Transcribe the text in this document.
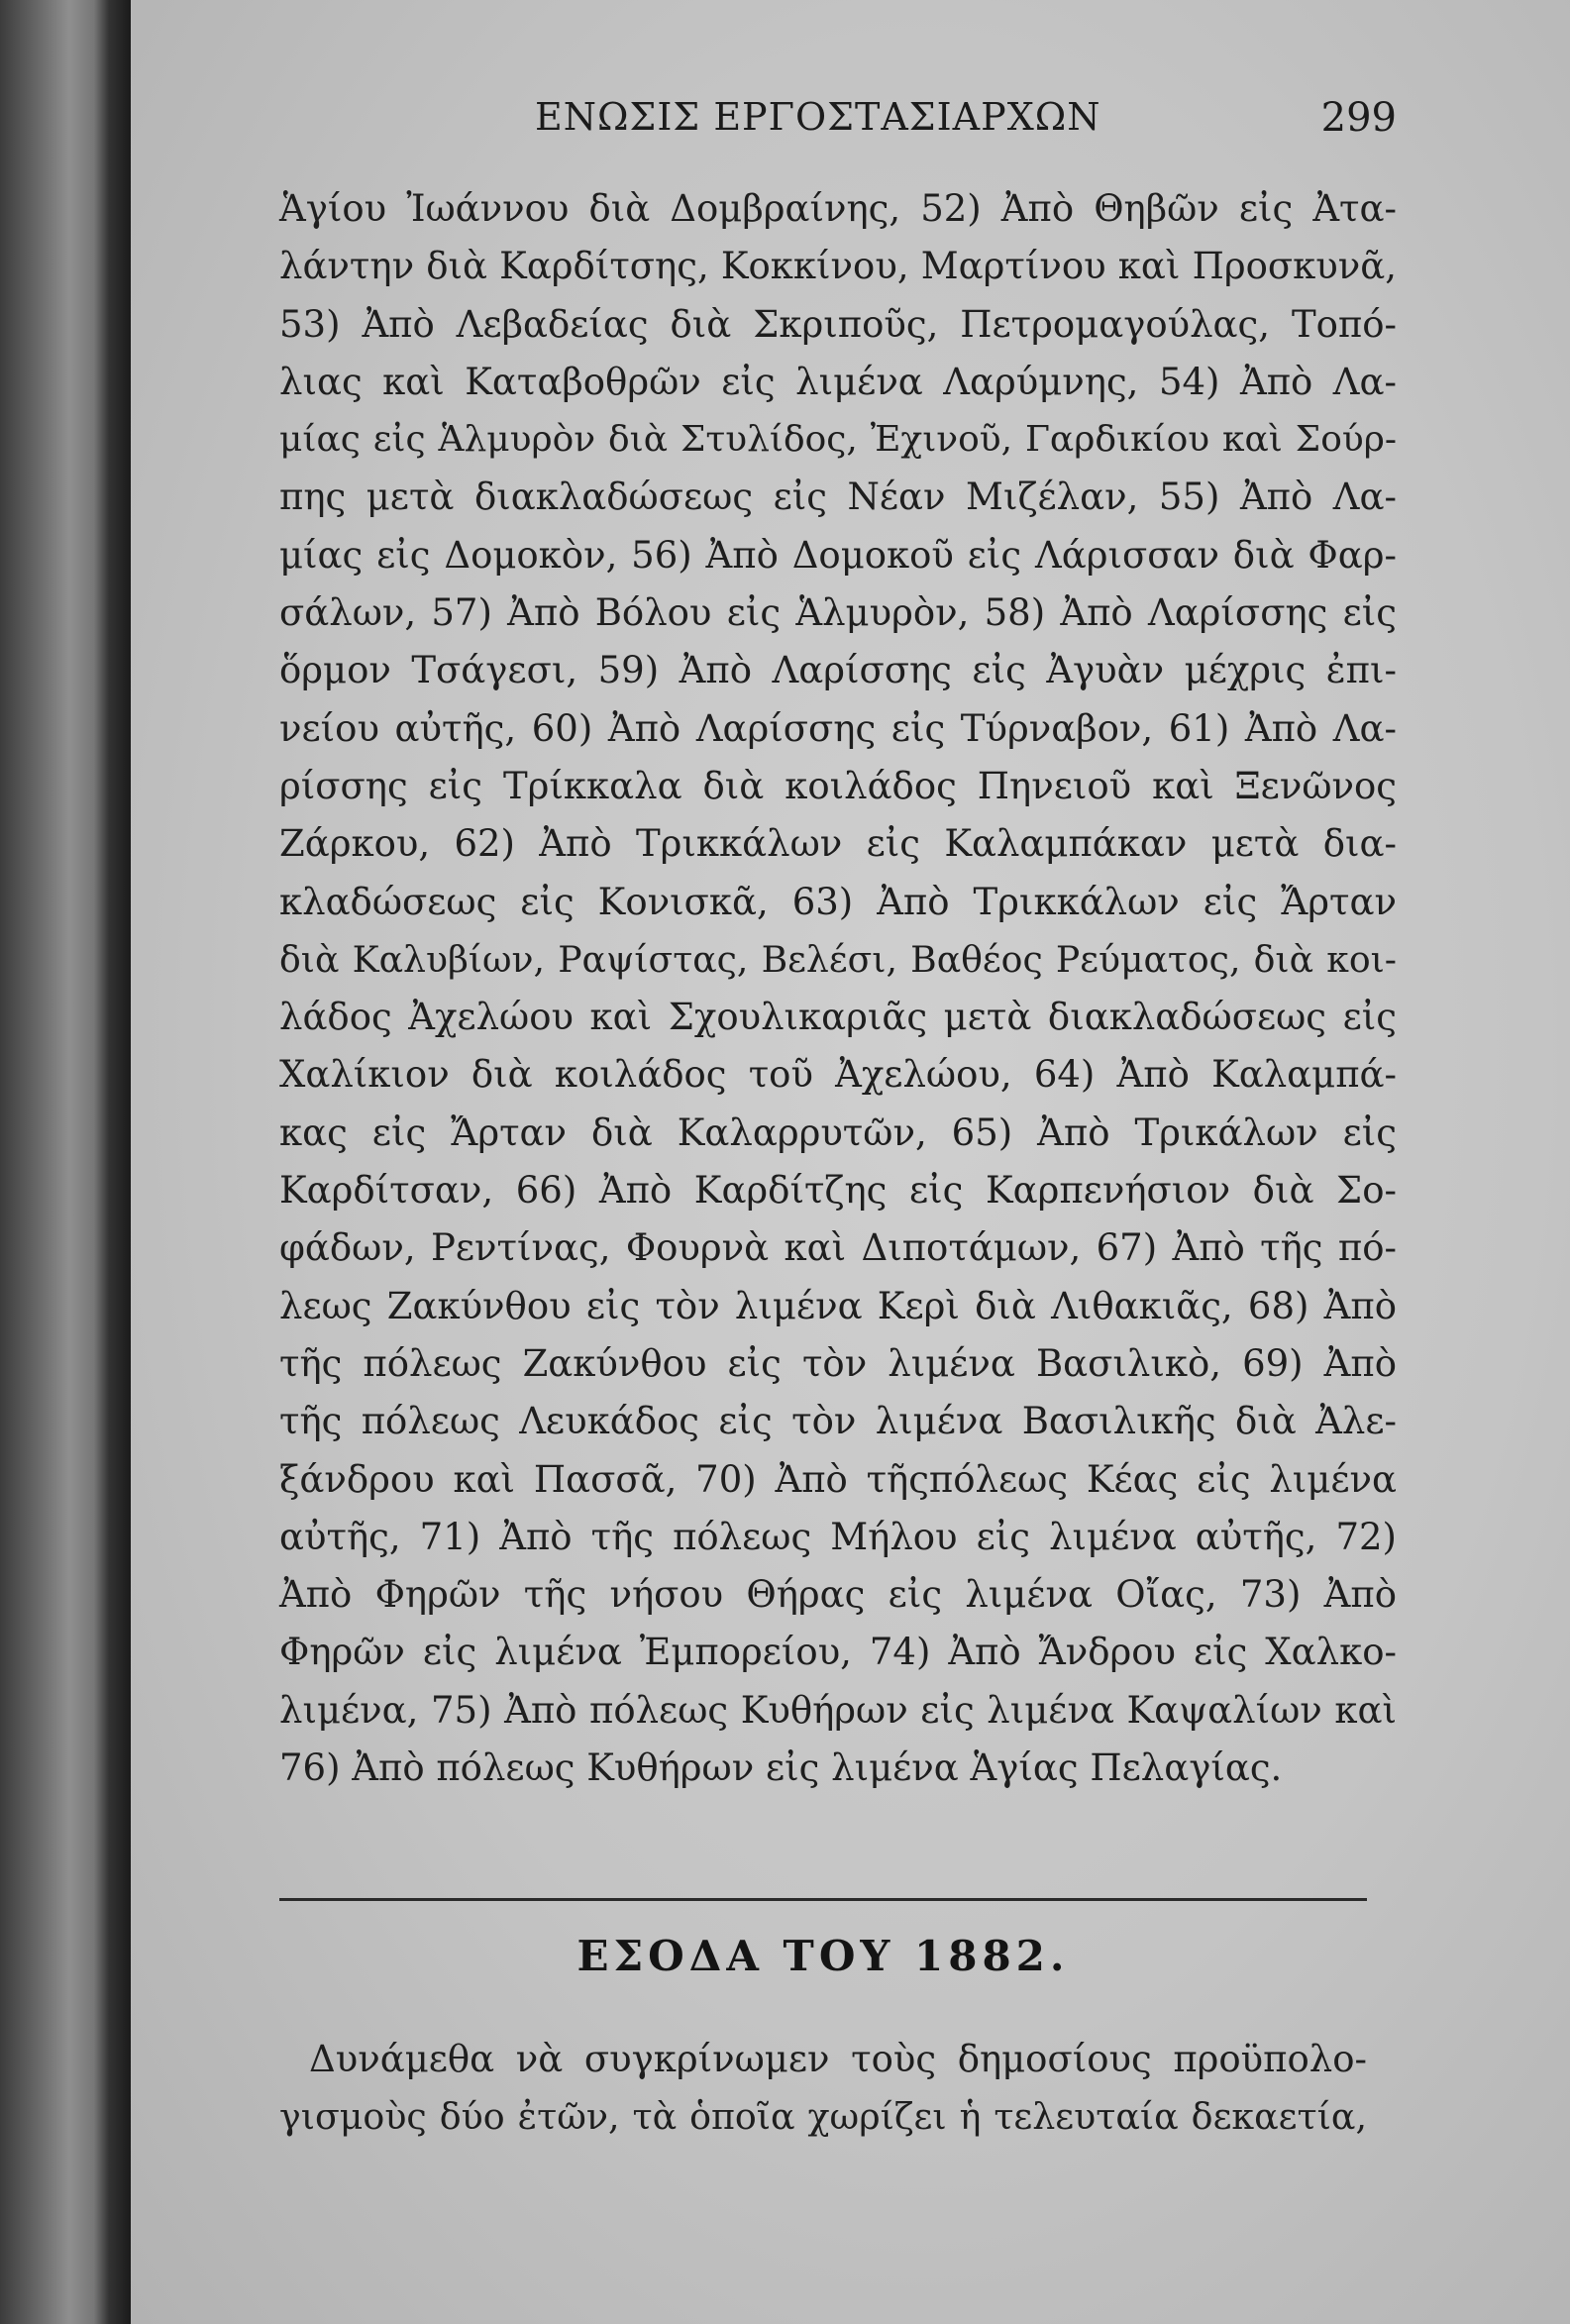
ΕΝΩΣΙΣ ΕΡΓΟΣΤΑΣΙΑΡΧΩΝ	299
Ἁγίου Ἰωάννου διὰ Δομβραίνης, 52) Ἀπὸ Θηβῶν εἰς Ἀτα-
λάντην διὰ Καρδίτσης, Κοκκίνου, Μαρτίνου καὶ Προσκυνᾶ,
53) Ἀπὸ Λεβαδείας διὰ Σκριποῦς, Πετρομαγούλας, Τοπό-
λιας καὶ Καταβοθρῶν εἰς λιμένα Λαρύμνης, 54) Ἀπὸ Λα-
μίας εἰς Ἁλμυρὸν διὰ Στυλίδος, Ἐχινοῦ, Γαρδικίου καὶ Σούρ-
πης μετὰ διακλαδώσεως εἰς Νέαν Μιζέλαν, 55) Ἀπὸ Λα-
μίας εἰς Δομοκὸν, 56) Ἀπὸ Δομοκοῦ εἰς Λάρισσαν διὰ Φαρ-
σάλων, 57) Ἀπὸ Βόλου εἰς Ἁλμυρὸν, 58) Ἀπὸ Λαρίσσης εἰς
ὅρμον Τσάγεσι, 59) Ἀπὸ Λαρίσσης εἰς Ἀγυὰν μέχρις ἐπι-
νείου αὐτῆς, 60) Ἀπὸ Λαρίσσης εἰς Τύρναβον, 61) Ἀπὸ Λα-
ρίσσης εἰς Τρίκκαλα διὰ κοιλάδος Πηνειοῦ καὶ Ξενῶνος
Ζάρκου, 62) Ἀπὸ Τρικκάλων εἰς Καλαμπάκαν μετὰ δια-
κλαδώσεως εἰς Κονισκᾶ, 63) Ἀπὸ Τρικκάλων εἰς Ἄρταν
διὰ Καλυβίων, Ραψίστας, Βελέσι, Βαθέος Ρεύματος, διὰ κοι-
λάδος Ἀχελώου καὶ Σχουλικαριᾶς μετὰ διακλαδώσεως εἰς
Χαλίκιον διὰ κοιλάδος τοῦ Ἀχελώου, 64) Ἀπὸ Καλαμπά-
κας εἰς Ἄρταν διὰ Καλαρρυτῶν, 65) Ἀπὸ Τρικάλων εἰς
Καρδίτσαν, 66) Ἀπὸ Καρδίτζης εἰς Καρπενήσιον διὰ Σο-
φάδων, Ρεντίνας, Φουρνὰ καὶ Διποτάμων, 67) Ἀπὸ τῆς πό-
λεως Ζακύνθου εἰς τὸν λιμένα Κερὶ διὰ Λιθακιᾶς, 68) Ἀπὸ
τῆς πόλεως Ζακύνθου εἰς τὸν λιμένα Βασιλικὸ, 69) Ἀπὸ
τῆς πόλεως Λευκάδος εἰς τὸν λιμένα Βασιλικῆς διὰ Ἀλε-
ξάνδρου καὶ Πασσᾶ, 70) Ἀπὸ τῆςπόλεως Κέας εἰς λιμένα
αὐτῆς, 71) Ἀπὸ τῆς πόλεως Μήλου εἰς λιμένα αὐτῆς, 72)
Ἀπὸ Φηρῶν τῆς νήσου Θήρας εἰς λιμένα Οἴας, 73) Ἀπὸ
Φηρῶν εἰς λιμένα Ἐμπορείου, 74) Ἀπὸ Ἄνδρου εἰς Χαλκο-
λιμένα, 75) Ἀπὸ πόλεως Κυθήρων εἰς λιμένα Καψαλίων καὶ
76) Ἀπὸ πόλεως Κυθήρων εἰς λιμένα Ἁγίας Πελαγίας.
ΕΣΟΔΑ ΤΟΥ 1882.
Δυνάμεθα νὰ συγκρίνωμεν τοὺς δημοσίους προϋπολο-
γισμοὺς δύο ἐτῶν, τὰ ὁποῖα χωρίζει ἡ τελευταία δεκαετία,
